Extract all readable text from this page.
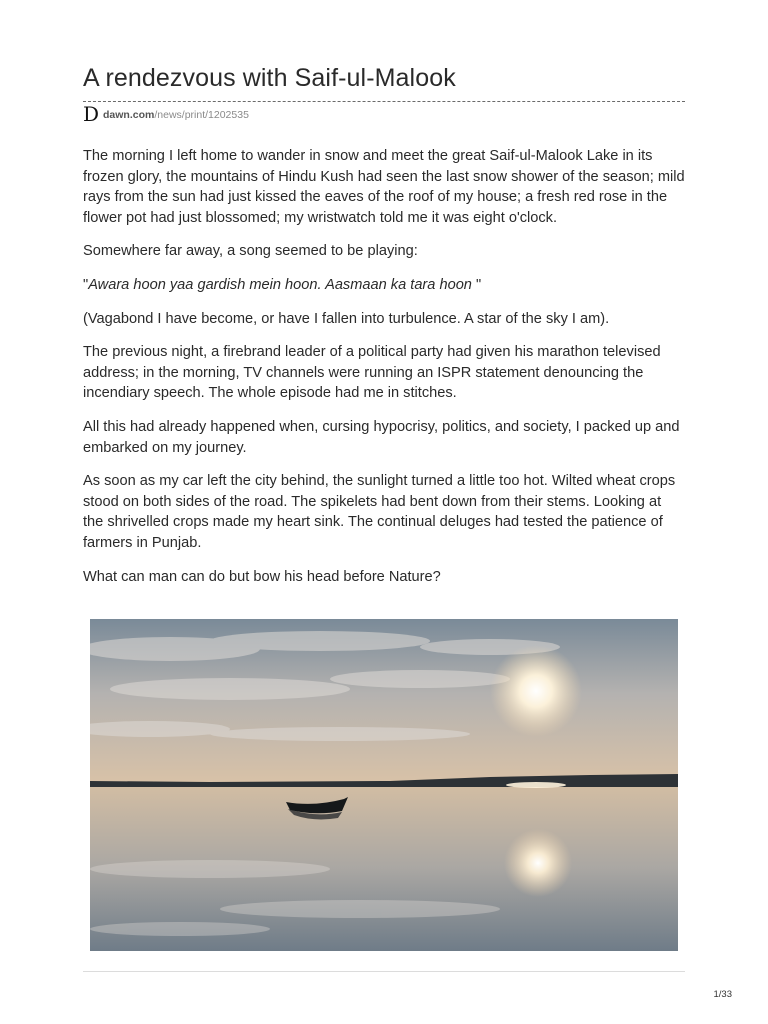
A rendezvous with Saif-ul-Malook
D dawn.com/news/print/1202535

The morning I left home to wander in snow and meet the great Saif-ul-Malook Lake in its frozen glory, the mountains of Hindu Kush had seen the last snow shower of the season; mild rays from the sun had just kissed the eaves of the roof of my house; a fresh red rose in the flower pot had just blossomed; my wristwatch told me it was eight o'clock.

Somewhere far away, a song seemed to be playing:

"Awara hoon yaa gardish mein hoon. Aasmaan ka tara hoon "

(Vagabond I have become, or have I fallen into turbulence. A star of the sky I am).

The previous night, a firebrand leader of a political party had given his marathon televised address; in the morning, TV channels were running an ISPR statement denouncing the incendiary speech. The whole episode had me in stitches.

All this had already happened when, cursing hypocrisy, politics, and society, I packed up and embarked on my journey.

As soon as my car left the city behind, the sunlight turned a little too hot. Wilted wheat crops stood on both sides of the road. The spikelets had bent down from their stems. Looking at the shrivelled crops made my heart sink. The continual deluges had tested the patience of farmers in Punjab.

What can man can do but bow his head before Nature?

1/33
